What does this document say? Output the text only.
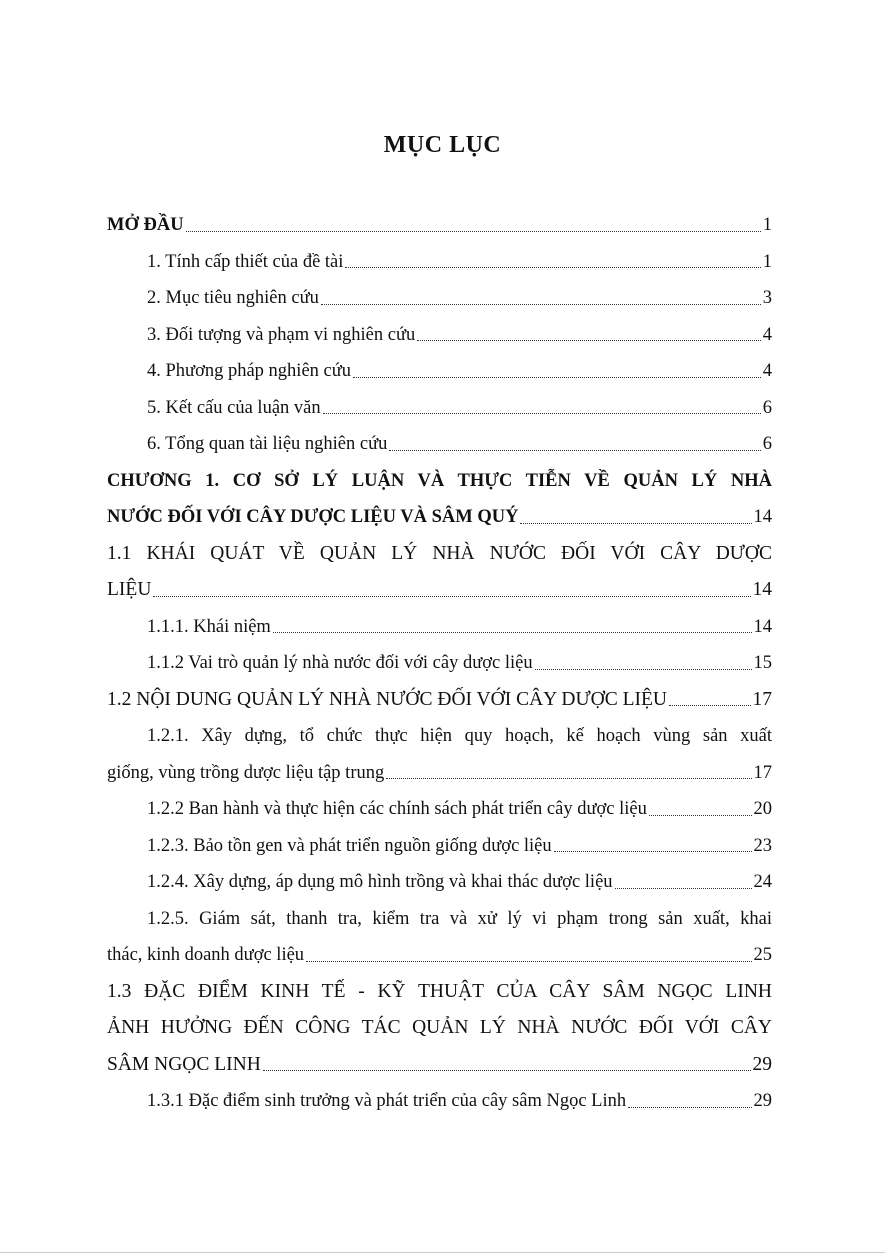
MỤC LỤC
MỞ ĐẦU	1
1. Tính cấp thiết của đề tài	1
2. Mục tiêu nghiên cứu	3
3. Đối tượng và phạm vi nghiên cứu	4
4. Phương pháp nghiên cứu	4
5. Kết cấu của luận văn	6
6. Tổng quan tài liệu nghiên cứu	6
CHƯƠNG 1. CƠ SỞ LÝ LUẬN VÀ THỰC TIỄN VỀ QUẢN LÝ NHÀ
NƯỚC ĐỐI VỚI CÂY DƯỢC LIỆU VÀ SÂM QUÝ	14
1.1 KHÁI QUÁT VỀ QUẢN LÝ NHÀ NƯỚC ĐỐI VỚI CÂY DƯỢC
LIỆU	14
1.1.1. Khái niệm	14
1.1.2 Vai trò quản lý nhà nước đối với cây dược liệu	15
1.2 NỘI DUNG QUẢN LÝ NHÀ NƯỚC ĐỐI VỚI CÂY DƯỢC LIỆU	17
1.2.1. Xây dựng, tổ chức thực hiện quy hoạch, kế hoạch vùng sản xuất
giống, vùng trồng dược liệu tập trung	17
1.2.2 Ban hành và thực hiện các chính sách phát triển cây dược liệu	20
1.2.3. Bảo tồn gen và phát triển nguồn giống dược liệu	23
1.2.4. Xây dựng, áp dụng mô hình trồng và khai thác dược liệu	24
1.2.5. Giám sát, thanh tra, kiểm tra và xử lý vi phạm trong sản xuất, khai
thác, kinh doanh dược liệu	25
1.3 ĐẶC ĐIỂM KINH TẾ - KỸ THUẬT CỦA CÂY SÂM NGỌC LINH
ẢNH HƯỞNG ĐẾN CÔNG TÁC QUẢN LÝ NHÀ NƯỚC ĐỐI VỚI CÂY
SÂM NGỌC LINH	29
1.3.1 Đặc điểm sinh trưởng và phát triển của cây sâm Ngọc Linh	29
